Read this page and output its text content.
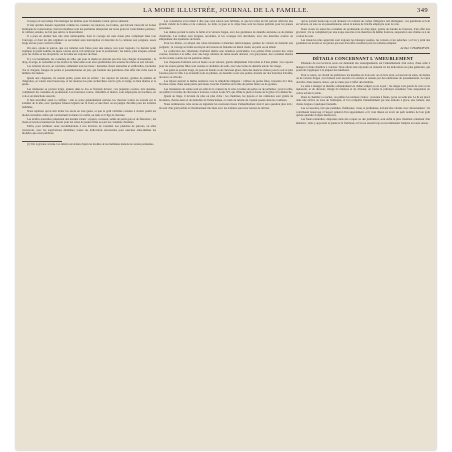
LA MODE ILLUSTRÉE, JOURNAL DE LA FAMILLE.	349

il essaya en tout temps d'en ménager les mailles pour fil dentelle valeur qui les amènent.

Il faut qu'elles fassent cependant comme les couleurs, les nuances, les formes, qui doivent s'assortir en bonne harmonie de conservation, dont les modistes sont les premières interprètes sur notre grand et vaste théâtre parisien ; le coiffeur, ensuite, ne fait que suivre ce mouvement.

Il a paru en dernier lieu une robe remarquable, dont le corsage est sans doute plus compliqué dans tout l'ouvrage, et dont les plis réguliers se succèdent sans interruption ni désordre de la ceinture aux poignets, assez longs encore pour couvrir la main.

On aura, ajoute le patron, que ces toilettes sont faites pour une saison, non pour toujours. Ce dernier point explique le grand nombre de jupes courtes qu'on voit employer pour la promenade ; les autres, plus longues, restent pour les visites et les réceptions, où la traîne est toujours de mise.

Il y a le lendemain, les costumes de ville, qui pour le matin ne doivent pas être trop chargés d'ornements ; le drap, la serge, le cachemire et les étoffes de laine unies sont alors préférables aux soieries brochées et aux velours.

Les toilettes du soir, au contraire, admettent tous les luxes : dentelles, fleurs naturelles et artificielles, broderies d'or et d'argent, franges de perles et passementeries de jais, qui forment des garnitures d'un effet très riche sous la lumière des lustres.

Quant aux chapeaux, ils restent petits, posés très en arrière ; les capotes de velours, garnies de plumes ou d'aigrettes, se voient aussi beaucoup, et les nuances les plus recherchées sont le gris, le beige, le bleu marine et le prune.

Les manteaux se portent longs, ajustés dans le dos et flottants devant ; les jaquettes courtes, très ajustées, complètent les costumes de promenade. Les fourrures, loutre, chinchilla et martre, sont employées en bordures, en cols et en manchons assortis.

Il faut surveiller aussi la coiffure : elle se porte généralement relevée, les cheveux tordus en torsade sur le sommet de la tête, avec quelques frisures légères sur le front, et une fleur ou un peigne d'écaille pour les toilettes habillées.

Nous répétons qu'on doit éviter les excès en tout genre, et que le goût véritable consiste à choisir parmi les modes nouvelles celles qui conviennent le mieux à la taille, au teint et à l'âge de chacune.

Les étoffes nouvelles présentent des dessins variés : rayures, carreaux, semis de petits pois et de fleurettes ; les tissus écossais reviennent en faveur pour les robes de jeunes filles et pour les costumes d'enfants.

Enfin, pour terminer, nous recommandons à nos lectrices de consulter nos planches de patrons, où elles trouveront, avec les explications détaillées, toutes les indications nécessaires pour exécuter elles-mêmes les modèles que nous publions.

(1) Voir la gravure coloriée. Ces détails sont donnés d'après les modèles de nos meilleures maisons de couture parisiennes.

Les couturières s'accordent à dire que cette saison sera brillante, et que les robes de bal surtout offriront une grande variété de formes et de couleurs. Le tulle, la gaze et le crêpe lisse sont les tissus préférés pour les jeunes personnes.

Les dames portent le satin, le faille et le velours frappé, avec des garnitures de dentelle ancienne ou de plumes d'autruche. Les traînes sont longues, arrondies, et les corsages très décolletés, avec des manches courtes ou simplement des épaulettes de fleurs.

Pour les dîners, on adopte des robes montantes à manches demi-longues, garnies de volants de dentelle aux poignets ; le corsage se ferme au moyen de boutons de fantaisie en métal ciselé, en perle ou en émail.

La confection des vêtements d'enfants mérite une attention particulière. Les petites filles portent des robes courtes, froncées à la taille, avec une large ceinture de ruban nouée derrière ; les garçonnets, des costumes marins ou des vestes courtes sur un pantalon ample.

Les chapeaux d'enfants sont en feutre ou en velours, garnis simplement d'un ruban et d'une plume ; les capotes pour les toutes petites filles sont ouatées et doublées de satin, avec une ruche de dentelle autour du visage.

Les gants se portent longs, de peau de Suède ou de chevreau glacé, dans des nuances claires pour le soir et plus foncées pour la ville. Les éventails sont en plumes, en dentelle ou en soie peinte, montés sur des branches d'écaille, de nacre ou d'ivoire.

Les bijoux suivent la même tendance vers la simplicité élégante : colliers de perles fines, bracelets d'or mat, broches ornées d'une seule pierre précieuse, boucles d'oreilles en forme de petites fleurs ou de gouttes.

Les chaussures de soirée sont en satin de la couleur de la robe, brodées de perles ou de paillettes ; pour la ville, on préfère la bottine de chevreau à boutons, à talon Louis XV, qui affine le pied et donne de la grâce à la démarche.

Quant au linge, il devient de plus en plus riche : les chemises, les jupons et les camisoles sont garnis de broderies, d'entre-deux et de dentelles de Valenciennes, et ornés de rubans de couleur passés dans les coulisses.

Nous terminerons cette revue en signalant les nouveaux tissus d'ameublement dont il sera question plus loin ; ils sont d'un goût parfait et s'harmonisent très bien avec les toilettes que nous venons de décrire.

qui se portent beaucoup et qui donnent à la toilette un cachet d'élégance très distinguée ; ces garnitures se font en velours, en soie ou en passementerie, selon la nature de l'étoffe employée pour la robe.

Nous avons vu aussi des costumes de promenade en drap léger, garnis de bandes de fourrure, d'un effet très gracieux ; ils se complètent par une toque assortie et un manchon de même fourrure, suspendu à une chaîne ou à un cordon de soie.

Les tissus les plus appréciés sont toujours les lainages souples, les velours et les peluches ; et l'on y joint des garnitures en tresses et en galons qui sont d'un effet excellent pour les toilettes simples.

Arthur CHAINDEVIS.
DÉTAILS CONCERNANT L'AMEUBLEMENT

Plusieurs de nos lectrices nous ont demandé des renseignements sur l'ameublement d'un salon, d'une salle à manger et d'une chambre à coucher. Nous allons leur répondre en donnant ici les indications les plus générales, qui pourront s'appliquer à la plupart des intérieurs.

Pour le salon, on choisit de préférence les meubles en bois noir ou en bois doré, recouverts de satin, de damas ou de velours frappé ; les rideaux sont assortis à la tenture et retenus par des embrasses de passementerie. Le tapis doit être d'une nuance douce, qui ne nuise pas à l'effet des meubles.

La salle à manger se meuble ordinairement en chêne sculpté ou en noyer ; les sièges sont garnis de cuir ou de tapisserie, et un dressoir, chargé de faïences et de cristaux, en forme le principal ornement. Une suspension en cuivre éclaire la table.

Dans la chambre à coucher, on préfère les tentures claires : cretonne à fleurs, perse ou satin uni. Le lit est placé dans une alcôve ou sous un baldaquin, et l'on complète l'ameublement par une armoire à glace, une toilette, une chaise longue et quelques fauteuils.

Les accessoires, tels que pendules, flambeaux, vases et jardinières, doivent être choisis avec discernement ; ils contribuent beaucoup à l'aspect général d'un appartement, et il vaut mieux en avoir un petit nombre de bon goût qu'une quantité d'objets médiocres.

Les fleurs naturelles, disposées dans des coupes ou des jardinières, sont enfin le plus charmant ornement d'un intérieur ; elles y apportent la gaieté et la fraîcheur, et l'on ne saurait trop en recommander l'emploi en toute saison.
